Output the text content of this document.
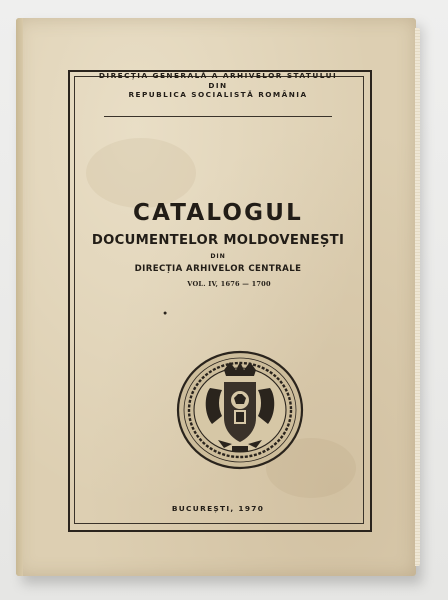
DIRECȚIA GENERALĂ A ARHIVELOR STATULUI
DIN
REPUBLICA SOCIALISTĂ ROMÂNIA
CATALOGUL
DOCUMENTELOR MOLDOVENEȘTI
DIN
DIRECȚIA ARHIVELOR CENTRALE
VOL. IV, 1676 — 1700
●
BUCUREȘTI, 1970
